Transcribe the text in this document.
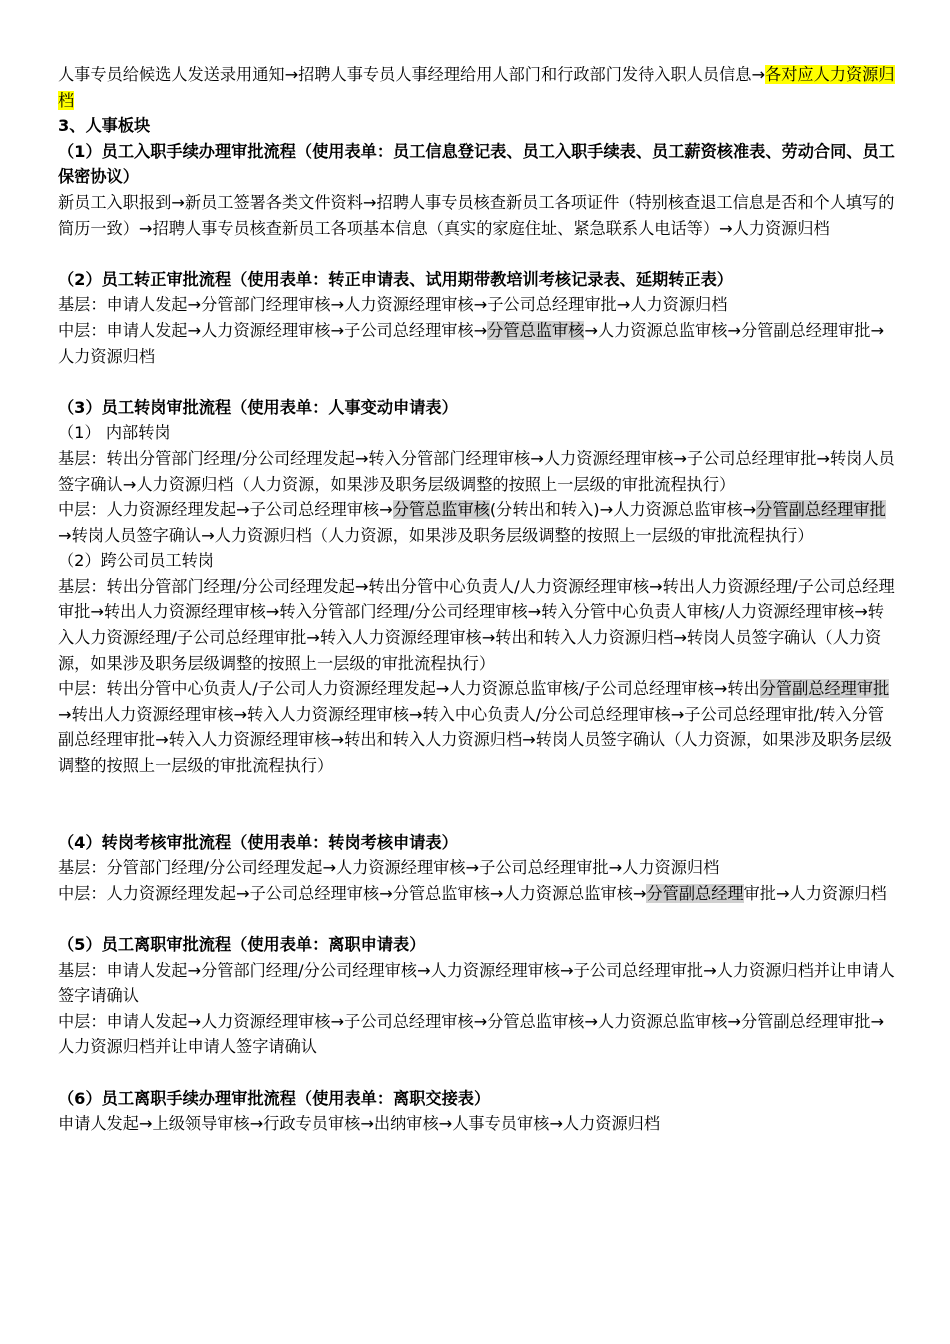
人事专员给候选人发送录用通知→招聘人事专员人事经理给用人部门和行政部门发待入职人员信息→各对应人力资源归档

3、人事板块

（1）员工入职手续办理审批流程（使用表单：员工信息登记表、员工入职手续表、员工薪资核准表、劳动合同、员工保密协议）

新员工入职报到→新员工签署各类文件资料→招聘人事专员核查新员工各项证件（特别核查退工信息是否和个人填写的简历一致）→招聘人事专员核查新员工各项基本信息（真实的家庭住址、紧急联系人电话等）→人力资源归档

（2）员工转正审批流程（使用表单：转正申请表、试用期带教培训考核记录表、延期转正表）

基层：申请人发起→分管部门经理审核→人力资源经理审核→子公司总经理审批→人力资源归档

中层：申请人发起→人力资源经理审核→子公司总经理审核→分管总监审核→人力资源总监审核→分管副总经理审批→人力资源归档

（3）员工转岗审批流程（使用表单：人事变动申请表）

（1） 内部转岗

基层：转出分管部门经理/分公司经理发起→转入分管部门经理审核→人力资源经理审核→子公司总经理审批→转岗人员签字确认→人力资源归档（人力资源，如果涉及职务层级调整的按照上一层级的审批流程执行）

中层：人力资源经理发起→子公司总经理审核→分管总监审核(分转出和转入)→人力资源总监审核→分管副总经理审批→转岗人员签字确认→人力资源归档（人力资源，如果涉及职务层级调整的按照上一层级的审批流程执行）

（2）跨公司员工转岗

基层：转出分管部门经理/分公司经理发起→转出分管中心负责人/人力资源经理审核→转出人力资源经理/子公司总经理审批→转出人力资源经理审核→转入分管部门经理/分公司经理审核→转入分管中心负责人审核/人力资源经理审核→转入人力资源经理/子公司总经理审批→转入人力资源经理审核→转出和转入人力资源归档→转岗人员签字确认（人力资源，如果涉及职务层级调整的按照上一层级的审批流程执行）

中层：转出分管中心负责人/子公司人力资源经理发起→人力资源总监审核/子公司总经理审核→转出分管副总经理审批→转出人力资源经理审核→转入人力资源经理审核→转入中心负责人/分公司总经理审核→子公司总经理审批/转入分管副总经理审批→转入人力资源经理审核→转出和转入人力资源归档→转岗人员签字确认（人力资源，如果涉及职务层级调整的按照上一层级的审批流程执行）

（4）转岗考核审批流程（使用表单：转岗考核申请表）

基层：分管部门经理/分公司经理发起→人力资源经理审核→子公司总经理审批→人力资源归档

中层：人力资源经理发起→子公司总经理审核→分管总监审核→人力资源总监审核→分管副总经理审批→人力资源归档

（5）员工离职审批流程（使用表单：离职申请表）

基层：申请人发起→分管部门经理/分公司经理审核→人力资源经理审核→子公司总经理审批→人力资源归档并让申请人签字请确认

中层：申请人发起→人力资源经理审核→子公司总经理审核→分管总监审核→人力资源总监审核→分管副总经理审批→人力资源归档并让申请人签字请确认

（6）员工离职手续办理审批流程（使用表单：离职交接表）

申请人发起→上级领导审核→行政专员审核→出纳审核→人事专员审核→人力资源归档
